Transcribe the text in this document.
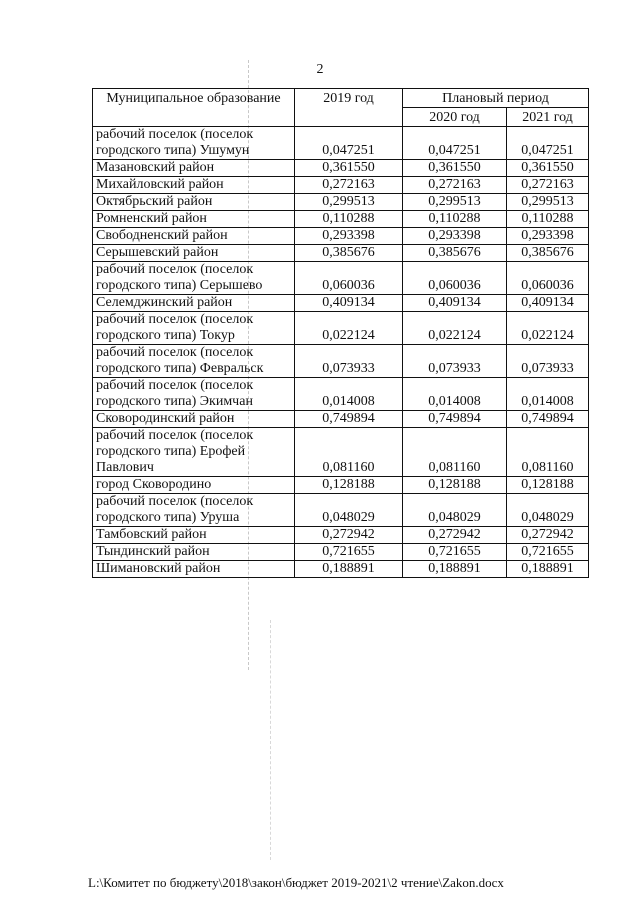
2
Муниципальное образование	2019 год	Плановый период	
		2020 год	2021 год
рабочий поселок (поселок городского типа) Ушумун	0,047251	0,047251	0,047251
Мазановский район	0,361550	0,361550	0,361550
Михайловский район	0,272163	0,272163	0,272163
Октябрьский район	0,299513	0,299513	0,299513
Ромненский район	0,110288	0,110288	0,110288
Свободненский район	0,293398	0,293398	0,293398
Серышевский район	0,385676	0,385676	0,385676
рабочий поселок (поселок городского типа) Серышево	0,060036	0,060036	0,060036
Селемджинский район	0,409134	0,409134	0,409134
рабочий поселок (поселок городского типа) Токур	0,022124	0,022124	0,022124
рабочий поселок (поселок городского типа) Февральск	0,073933	0,073933	0,073933
рабочий поселок (поселок городского типа) Экимчан	0,014008	0,014008	0,014008
Сковородинский район	0,749894	0,749894	0,749894
рабочий поселок (поселок городского типа) Ерофей Павлович	0,081160	0,081160	0,081160
город Сковородино	0,128188	0,128188	0,128188
рабочий поселок (поселок городского типа) Уруша	0,048029	0,048029	0,048029
Тамбовский район	0,272942	0,272942	0,272942
Тындинский район	0,721655	0,721655	0,721655
Шимановский район	0,188891	0,188891	0,188891
L:\Комитет по бюджету\2018\закон\бюджет 2019-2021\2 чтение\Zakon.docx
